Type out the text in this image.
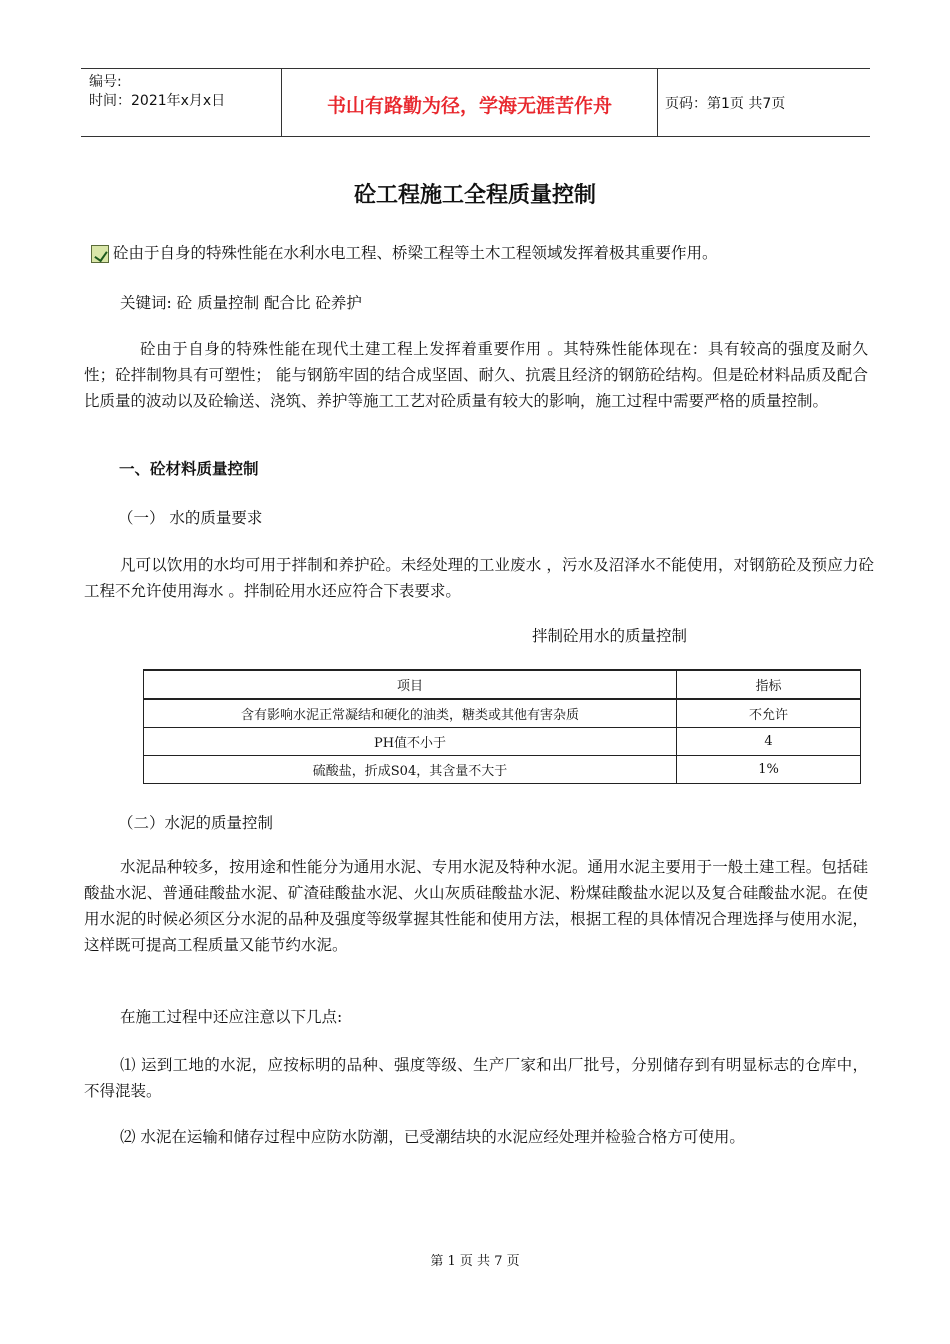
编号:
时间：2021年x月x日	书山有路勤为径，学海无涯苦作舟	页码：第1页 共7页
砼工程施工全程质量控制
砼由于自身的特殊性能在水利水电工程、桥梁工程等土木工程领域发挥着极其重要作用。
关键词: 砼 质量控制 配合比 砼养护
砼由于自身的特殊性能在现代土建工程上发挥着重要作用 。其特殊性能体现在：具有较高的强度及耐久性；砼拌制物具有可塑性； 能与钢筋牢固的结合成坚固、耐久、抗震且经济的钢筋砼结构。但是砼材料品质及配合比质量的波动以及砼输送、浇筑、养护等施工工艺对砼质量有较大的影响，施工过程中需要严格的质量控制。
一、砼材料质量控制
（一） 水的质量要求
凡可以饮用的水均可用于拌制和养护砼。未经处理的工业废水 ，污水及沼泽水不能使用，对钢筋砼及预应力砼工程不允许使用海水 。拌制砼用水还应符合下表要求。
拌制砼用水的质量控制
项目	指标
含有影响水泥正常凝结和硬化的油类，糖类或其他有害杂质	不允许
PH值不小于	4
硫酸盐，折成S04，其含量不大于	1%
（二）水泥的质量控制
水泥品种较多，按用途和性能分为通用水泥、专用水泥及特种水泥。通用水泥主要用于一般土建工程。包括硅酸盐水泥、普通硅酸盐水泥、矿渣硅酸盐水泥、火山灰质硅酸盐水泥、粉煤硅酸盐水泥以及复合硅酸盐水泥。在使用水泥的时候必须区分水泥的品种及强度等级掌握其性能和使用方法，根据工程的具体情况合理选择与使用水泥，这样既可提高工程质量又能节约水泥。
在施工过程中还应注意以下几点:
⑴ 运到工地的水泥，应按标明的品种、强度等级、生产厂家和出厂批号，分别储存到有明显标志的仓库中，不得混装。
⑵ 水泥在运输和储存过程中应防水防潮，已受潮结块的水泥应经处理并检验合格方可使用。
第 1 页 共 7 页
